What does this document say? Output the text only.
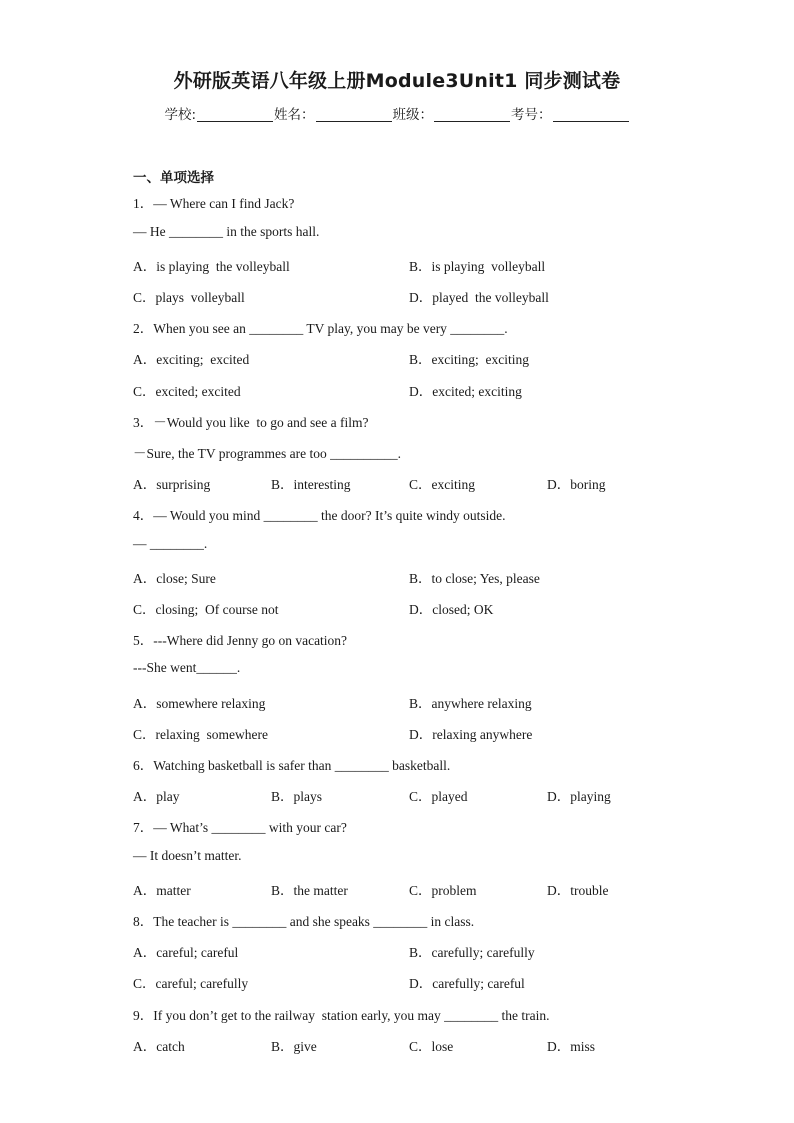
外研版英语八年级上册Module3Unit1 同步测试卷
学校:	姓名：	班级：	考号：
一、单项选择
1．— Where can I find Jack?
— He ________ in the sports hall.
A．is playing  the volleyball	B．is playing  volleyball
C．plays  volleyball	D．played  the volleyball
2．When you see an ________ TV play, you may be very ________.
A．exciting;  excited	B．exciting;  exciting
C．excited; excited	D．excited; exciting
3．－Would you like  to go and see a film?
－Sure, the TV programmes are too __________.
A．surprising	B．interesting	C．exciting	D．boring
4．— Would you mind ________ the door? It’s quite windy outside.
— ________.
A．close; Sure	B．to close; Yes, please
C．closing;  Of course not	D．closed; OK
5．---Where did Jenny go on vacation?
---She went______.
A．somewhere relaxing	B．anywhere relaxing
C．relaxing  somewhere	D．relaxing anywhere
6．Watching basketball is safer than ________ basketball.
A．play	B．plays	C．played	D．playing
7．— What’s ________ with your car?
— It doesn’t matter.
A．matter	B．the matter	C．problem	D．trouble
8．The teacher is ________ and she speaks ________ in class.
A．careful; careful	B．carefully; carefully
C．careful; carefully	D．carefully; careful
9．If you don’t get to the railway  station early, you may ________ the train.
A．catch	B．give	C．lose	D．miss
